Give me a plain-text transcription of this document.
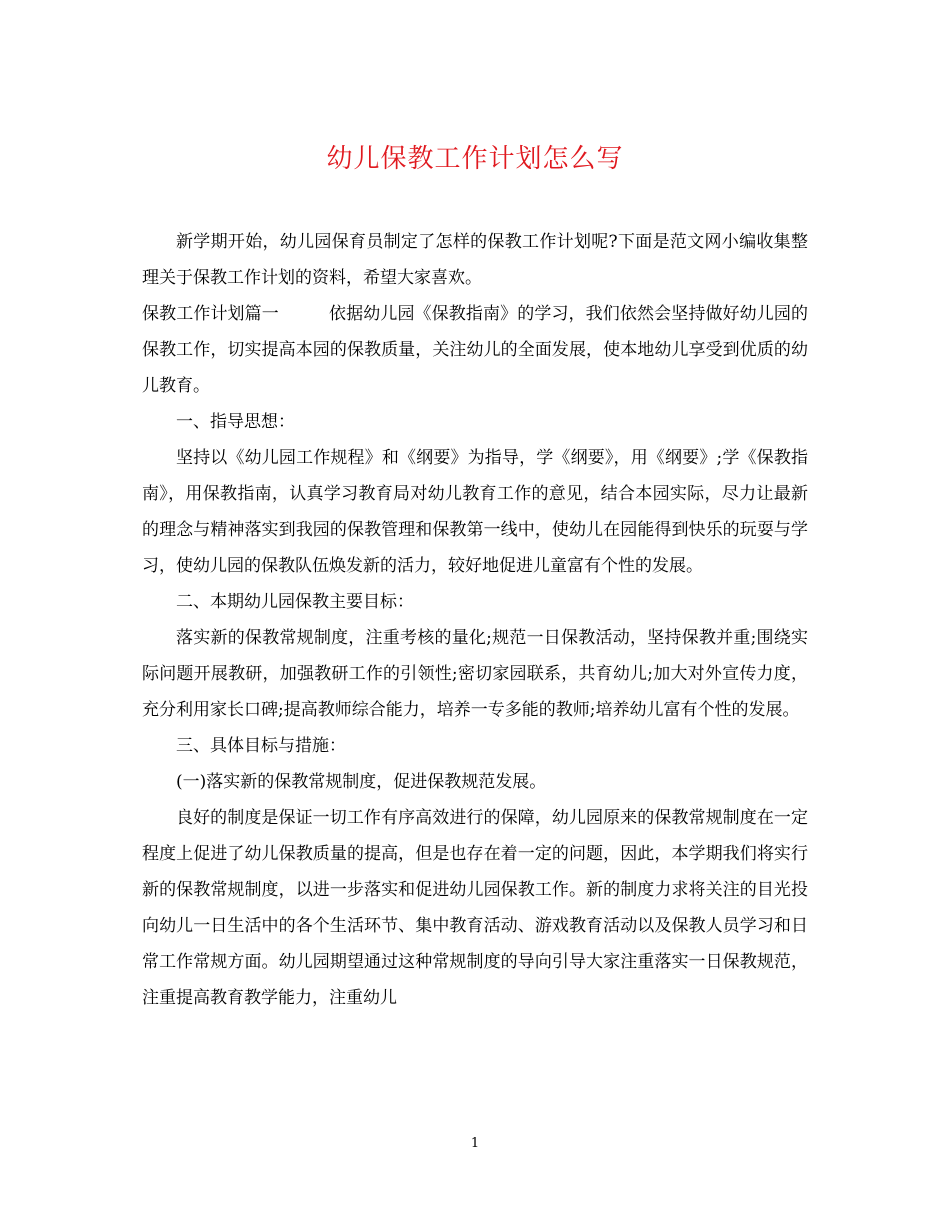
幼儿保教工作计划怎么写

新学期开始，幼儿园保育员制定了怎样的保教工作计划呢?下面是范文网小编收集整理关于保教工作计划的资料，希望大家喜欢。

保教工作计划篇一	依据幼儿园《保教指南》的学习，我们依然会坚持做好幼儿园的保教工作，切实提高本园的保教质量，关注幼儿的全面发展，使本地幼儿享受到优质的幼儿教育。

一、指导思想：

坚持以《幼儿园工作规程》和《纲要》为指导，学《纲要》，用《纲要》;学《保教指南》，用保教指南，认真学习教育局对幼儿教育工作的意见，结合本园实际，尽力让最新的理念与精神落实到我园的保教管理和保教第一线中，使幼儿在园能得到快乐的玩耍与学习，使幼儿园的保教队伍焕发新的活力，较好地促进儿童富有个性的发展。

二、本期幼儿园保教主要目标：

落实新的保教常规制度，注重考核的量化;规范一日保教活动，坚持保教并重;围绕实际问题开展教研，加强教研工作的引领性;密切家园联系，共育幼儿;加大对外宣传力度，充分利用家长口碑;提高教师综合能力，培养一专多能的教师;培养幼儿富有个性的发展。

三、具体目标与措施：

(一)落实新的保教常规制度，促进保教规范发展。

良好的制度是保证一切工作有序高效进行的保障，幼儿园原来的保教常规制度在一定程度上促进了幼儿保教质量的提高，但是也存在着一定的问题，因此，本学期我们将实行新的保教常规制度，以进一步落实和促进幼儿园保教工作。新的制度力求将关注的目光投向幼儿一日生活中的各个生活环节、集中教育活动、游戏教育活动以及保教人员学习和日常工作常规方面。幼儿园期望通过这种常规制度的导向引导大家注重落实一日保教规范，注重提高教育教学能力，注重幼儿

1
